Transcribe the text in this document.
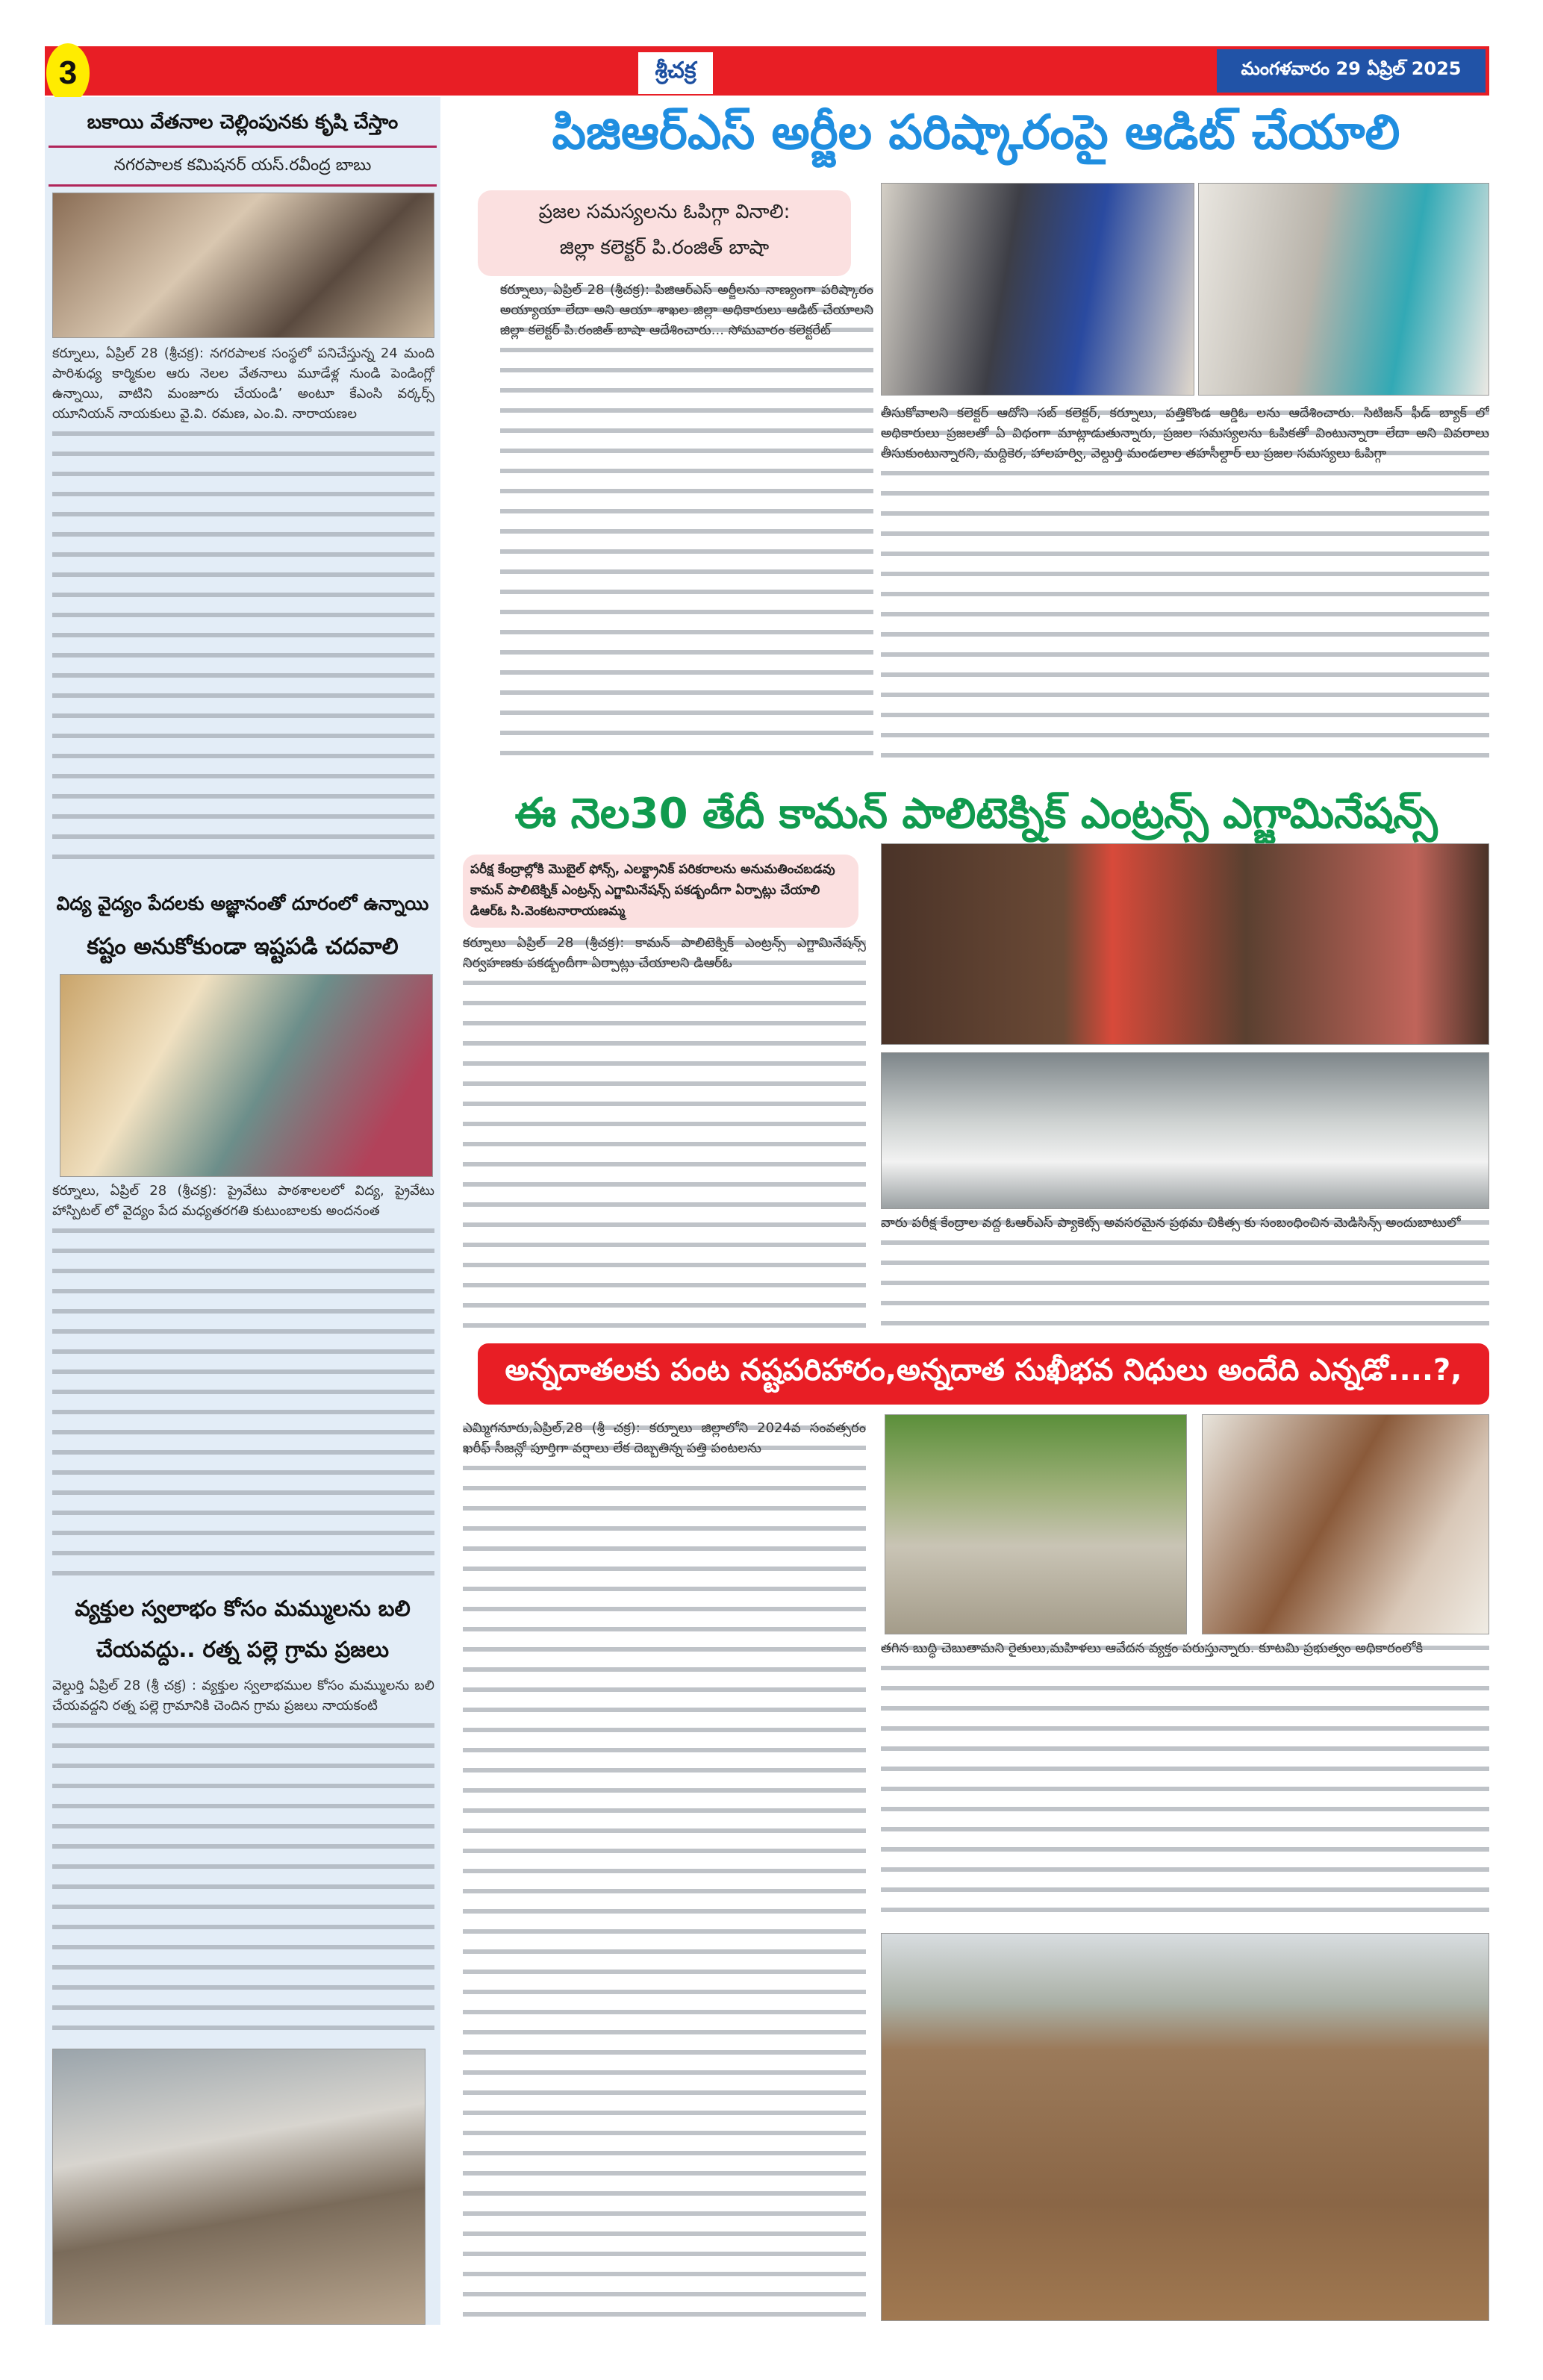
3	శ్రీచక్ర	మంగళవారం 29 ఏప్రిల్ 2025
బకాయి వేతనాల చెల్లింపునకు కృషి చేస్తాం
నగరపాలక కమిషనర్ యస్.రవీంద్ర బాబు
కర్నూలు, ఏప్రిల్ 28 (శ్రీచక్ర): నగరపాలక సంస్థలో పనిచేస్తున్న 24 మంది పారిశుధ్య కార్మికుల ఆరు నెలల వేతనాలు మూడేళ్ల నుండి పెండింగ్లో ఉన్నాయి, వాటిని మంజూరు చేయండి’ అంటూ కేఎంసి వర్కర్స్ యూనియన్ నాయకులు వై.వి. రమణ, ఎం.వి. నారాయణల
విద్య వైద్యం పేదలకు అజ్ఞానంతో దూరంలో ఉన్నాయి
కష్టం అనుకోకుండా ఇష్టపడి చదవాలి
కర్నూలు, ఏప్రిల్ 28 (శ్రీచక్ర): ప్రైవేటు పాఠశాలలలో విద్య, ప్రైవేటు హాస్పిటల్ లో వైద్యం పేద మధ్యతరగతి కుటుంబాలకు అందనంత
వ్యక్తుల స్వలాభం కోసం మమ్ములను బలి చేయవద్దు.. రత్న పల్లె గ్రామ ప్రజలు
వెల్దుర్తి ఏప్రిల్ 28 (శ్రీ చక్ర) : వ్యక్తుల స్వలాభముల కోసం మమ్ములను బలి చేయవద్దని రత్న పల్లె గ్రామానికి చెందిన గ్రామ ప్రజలు నాయకంటి
పిజిఆర్ఎస్ అర్జీల పరిష్కారంపై ఆడిట్ చేయాలి
ప్రజల సమస్యలను ఓపిగ్గా వినాలి:
జిల్లా కలెక్టర్ పి.రంజిత్ బాషా
కర్నూలు, ఏప్రిల్ 28 (శ్రీచక్ర): పిజిఆర్ఎస్ అర్జీలను నాణ్యంగా పరిష్కారం అయ్యాయా లేదా అని ఆయా శాఖల జిల్లా అధికారులు ఆడిట్ చేయాలని జిల్లా కలెక్టర్ పి.రంజిత్ బాషా ఆదేశించారు... సోమవారం కలెక్టరేట్
తీసుకోవాలని కలెక్టర్ ఆదోని సబ్ కలెక్టర్, కర్నూలు, పత్తికొండ ఆర్డిఓ లను ఆదేశించారు. సిటిజన్ ఫీడ్ బ్యాక్ లో అధికారులు ప్రజలతో ఏ విధంగా మాట్లాడుతున్నారు, ప్రజల సమస్యలను ఓపికతో వింటున్నారా లేదా అని వివరాలు తీసుకుంటున్నారని, మద్దికెర, హాలహర్వి, వెల్దుర్తి మండలాల తహసీల్దార్ లు ప్రజల సమస్యలు ఓపిగ్గా
ఈ నెల30 తేదీ కామన్ పాలిటెక్నిక్ ఎంట్రన్స్ ఎగ్జామినేషన్స్
పరీక్ష కేంద్రాల్లోకి మొబైల్ ఫోన్స్, ఎలక్ట్రానిక్ పరికరాలను అనుమతించబడవు కామన్ పాలిటెక్నిక్ ఎంట్రన్స్ ఎగ్జామినేషన్స్ పకడ్బందీగా ఏర్పాట్లు చేయాలి డిఆర్ఓ సి.వెంకటనారాయణమ్మ
కర్నూలు ఏప్రిల్ 28 (శ్రీచక్ర): కామన్ పాలిటెక్నిక్ ఎంట్రన్స్ ఎగ్జామినేషన్స్ నిర్వహణకు పకడ్బందీగా ఏర్పాట్లు చేయాలని డిఆర్ఓ
వారు పరీక్ష కేంద్రాల వద్ద ఓఆర్ఎస్ ప్యాకెట్స్ అవసరమైన ప్రథమ చికిత్స కు సంబంధించిన మెడిసిన్స్ అందుబాటులో
అన్నదాతలకు పంట నష్టపరిహారం,అన్నదాత సుఖీభవ నిధులు అందేది ఎన్నడో....?,
ఎమ్మిగనూరు,ఏప్రిల్,28 (శ్రీ చక్ర): కర్నూలు జిల్లాలోని 2024వ సంవత్సరం ఖరీఫ్ సీజన్లో పూర్తిగా వర్షాలు లేక దెబ్బతిన్న పత్తి పంటలను
తగిన బుద్ధి చెబుతామని రైతులు,మహిళలు ఆవేదన వ్యక్తం పరుస్తున్నారు. కూటమి ప్రభుత్వం అధికారంలోకి
